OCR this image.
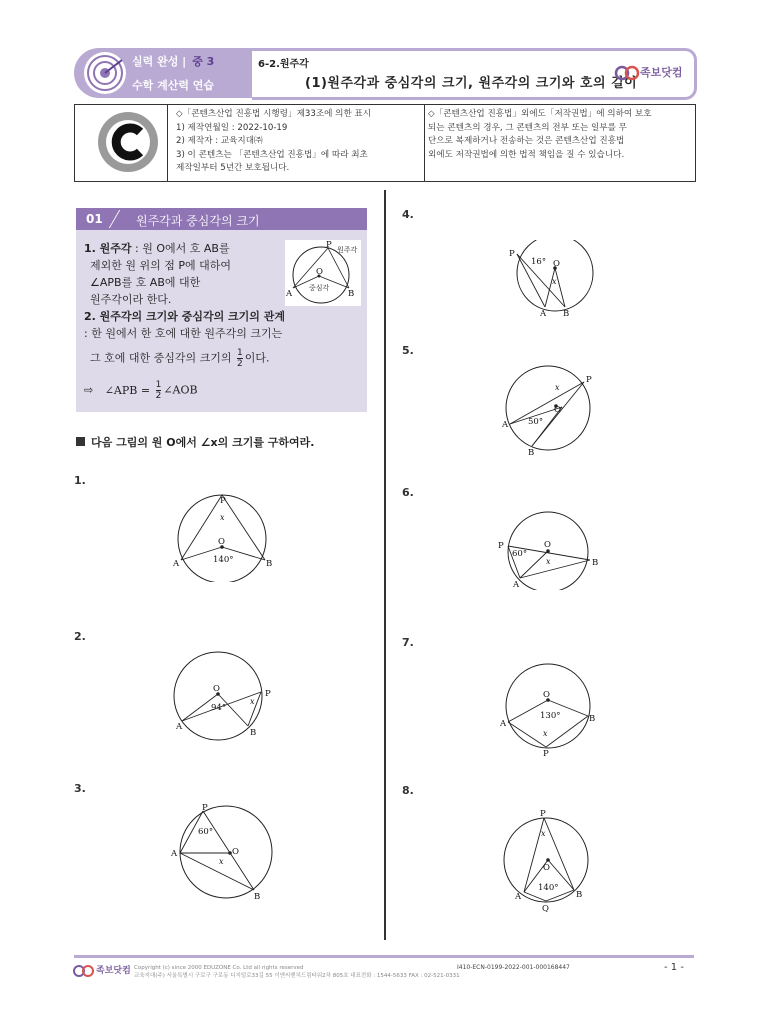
실력 완성 | 중 3
수학 계산력 연습
6-2.원주각
(1)원주각과 중심각의 크기, 원주각의 크기와 호의 길이
족보닷컴
◇「콘텐츠산업 진흥법 시행령」제33조에 의한 표시
1) 제작연월일 : 2022-10-19
2) 제작자 : 교육지대㈜
3) 이 콘텐츠는 「콘텐츠산업 진흥법」에 따라 최초
제작일부터 5년간 보호됩니다.
◇「콘텐츠산업 진흥법」외에도「저작권법」에 의하여 보호
되는 콘텐츠의 경우, 그 콘텐츠의 전부 또는 일부를 무
단으로 복제하거나 전송하는 것은 콘텐츠산업 진흥법
외에도 저작권법에 의한 법적 책임을 질 수 있습니다.
01	원주각과 중심각의 크기
1. 원주각 : 원 O에서 호 AB를
제외한 원 위의 점 P에 대하여
∠APB를 호 AB에 대한
원주각이라 한다.
2. 원주각의 크기와 중심각의 크기의 관계
: 한 원에서 한 호에 대한 원주각의 크기는
그 호에 대한 중심각의 크기의 $\frac{1}{2}$ 이다.
⇨ ∠APB = $\frac{1}{2}$ ∠AOB
P
O
A	B
원주각
중심각
다음 그림의 원 O에서 ∠x의 크기를 구하여라.
1.
P
x
O
140°
A	B
2.
O
94°
x
P
A
B
3.
P
60°
A	O
x
B
4.
P
16° O
x
A B
5.
P
x
O
50°
A
B
6.
P
60°
O
x	B
A
7.
O
130°
A	B
x
P
8.
P
x
O
140°
A	B
Q
족보닷컴 Copyright (c) since 2000 EDUZONE Co. Ltd all rights reserved
교육지대(주) 서울특별시 구로구 구로동 디지털로33길 55 이앤씨벤처드림타워2차 805호 대표전화 : 1544-5633 FAX : 02-521-0331
I410-ECN-0199-2022-001-000168447	- 1 -
